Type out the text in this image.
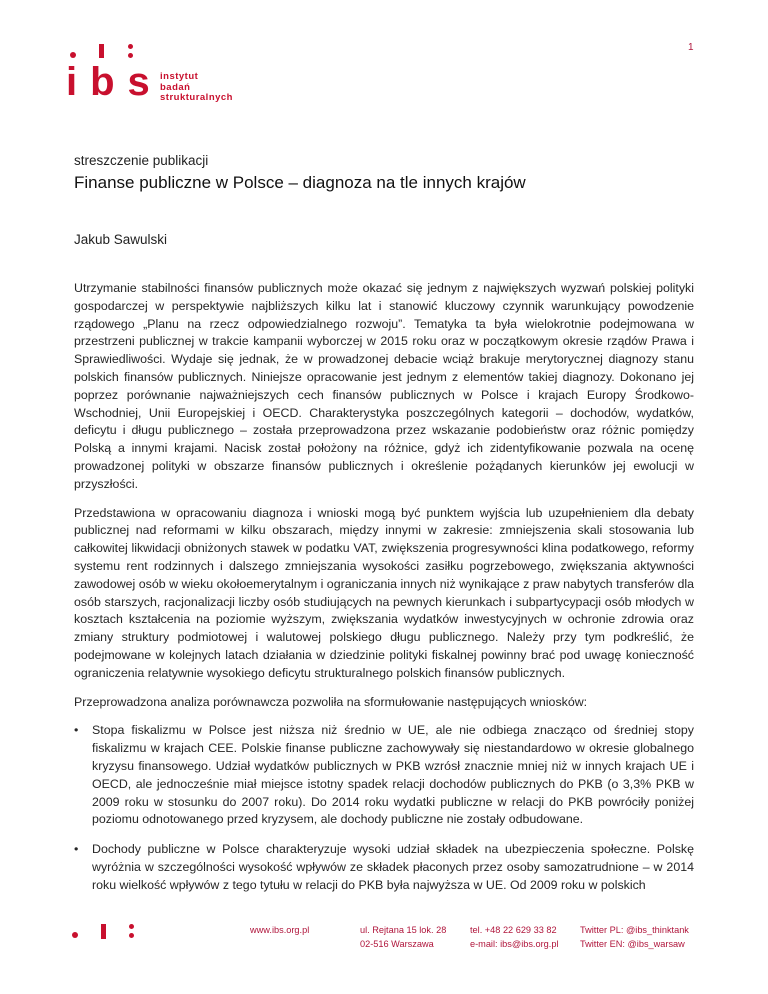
1
ibs
instytut
badań
strukturalnych
streszczenie publikacji
Finanse publiczne w Polsce – diagnoza na tle innych krajów
Jakub Sawulski

Utrzymanie stabilności finansów publicznych może okazać się jednym z największych wyzwań polskiej polityki gospodarczej w perspektywie najbliższych kilku lat i stanowić kluczowy czynnik warunkujący powodzenie rządowego „Planu na rzecz odpowiedzialnego rozwoju”. Tematyka ta była wielokrotnie podejmowana w przestrzeni publicznej w trakcie kampanii wyborczej w 2015 roku oraz w początkowym okresie rządów Prawa i Sprawiedliwości. Wydaje się jednak, że w prowadzonej debacie wciąż brakuje merytorycznej diagnozy stanu polskich finansów publicznych. Niniejsze opracowanie jest jednym z elementów takiej diagnozy. Dokonano jej poprzez porównanie najważniejszych cech finansów publicznych w Polsce i krajach Europy Środkowo-Wschodniej, Unii Europejskiej i OECD. Charakterystyka poszczególnych kategorii – dochodów, wydatków, deficytu i długu publicznego – została przeprowadzona przez wskazanie podobieństw oraz różnic pomiędzy Polską a innymi krajami. Nacisk został położony na różnice, gdyż ich zidentyfikowanie pozwala na ocenę prowadzonej polityki w obszarze finansów publicznych i określenie pożądanych kierunków jej ewolucji w przyszłości.

Przedstawiona w opracowaniu diagnoza i wnioski mogą być punktem wyjścia lub uzupełnieniem dla debaty publicznej nad reformami w kilku obszarach, między innymi w zakresie: zmniejszenia skali stosowania lub całkowitej likwidacji obniżonych stawek w podatku VAT, zwiększenia progresywności klina podatkowego, reformy systemu rent rodzinnych i dalszego zmniejszania wysokości zasiłku pogrzebowego, zwiększania aktywności zawodowej osób w wieku okołoemerytalnym i ograniczania innych niż wynikające z praw nabytych transferów dla osób starszych, racjonalizacji liczby osób studiujących na pewnych kierunkach i subpartycypacji osób młodych w kosztach kształcenia na poziomie wyższym, zwiększania wydatków inwestycyjnych w ochronie zdrowia oraz zmiany struktury podmiotowej i walutowej polskiego długu publicznego. Należy przy tym podkreślić, że podejmowane w kolejnych latach działania w dziedzinie polityki fiskalnej powinny brać pod uwagę konieczność ograniczenia relatywnie wysokiego deficytu strukturalnego polskich finansów publicznych.

Przeprowadzona analiza porównawcza pozwoliła na sformułowanie następujących wniosków:

• Stopa fiskalizmu w Polsce jest niższa niż średnio w UE, ale nie odbiega znacząco od średniej stopy fiskalizmu w krajach CEE. Polskie finanse publiczne zachowywały się niestandardowo w okresie globalnego kryzysu finansowego. Udział wydatków publicznych w PKB wzrósł znacznie mniej niż w innych krajach UE i OECD, ale jednocześnie miał miejsce istotny spadek relacji dochodów publicznych do PKB (o 3,3% PKB w 2009 roku w stosunku do 2007 roku). Do 2014 roku wydatki publiczne w relacji do PKB powróciły poniżej poziomu odnotowanego przed kryzysem, ale dochody publiczne nie zostały odbudowane.
• Dochody publiczne w Polsce charakteryzuje wysoki udział składek na ubezpieczenia społeczne. Polskę wyróżnia w szczególności wysokość wpływów ze składek płaconych przez osoby samozatrudnione – w 2014 roku wielkość wpływów z tego tytułu w relacji do PKB była najwyższa w UE. Od 2009 roku w polskich
www.ibs.org.pl	ul. Rejtana 15 lok. 28
02-516 Warszawa
tel. +48 22 629 33 82
e-mail: ibs@ibs.org.pl
Twitter PL: @ibs_thinktank
Twitter EN: @ibs_warsaw
